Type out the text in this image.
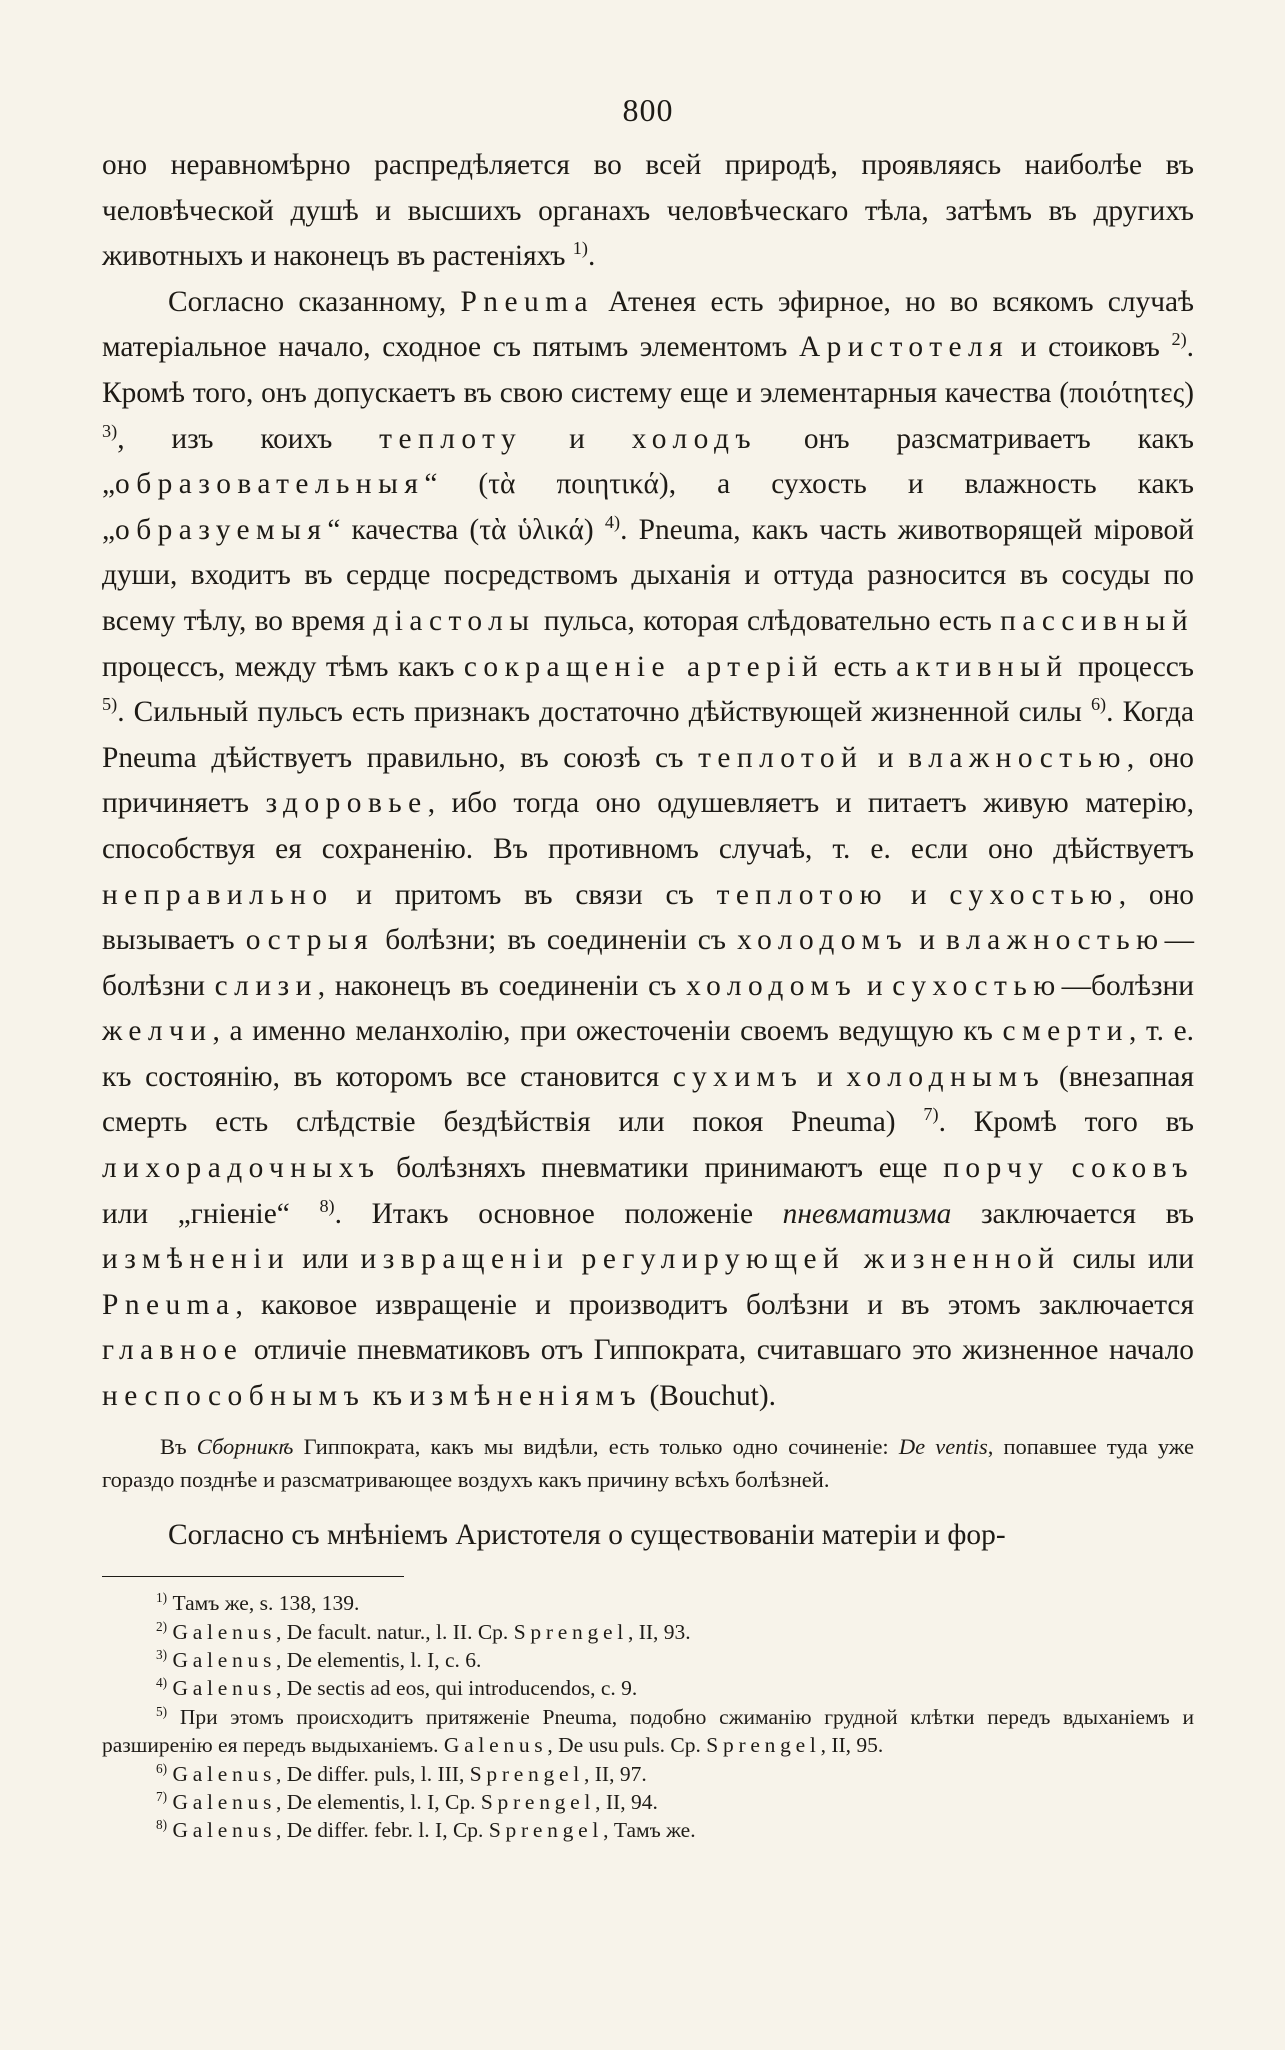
800

оно неравномѣрно распредѣляется во всей природѣ, проявляясь наиболѣе въ человѣческой душѣ и высшихъ органахъ человѣческаго тѣла, затѣмъ въ другихъ животныхъ и наконецъ въ растеніяхъ $^{1)}$.

Согласно сказанному, Pneuma Атенея есть эфирное, но во всякомъ случаѣ матеріальное начало, сходное съ пятымъ элементомъ Аристотеля и стоиковъ $^{2)}$. Кромѣ того, онъ допускаетъ въ свою систему еще и элементарныя качества (ποιότητες) $^{3)}$, изъ коихъ теплоту и холодъ онъ разсматриваетъ какъ „образовательныя“ (τὰ ποιητικά), а сухость и влажность какъ „образуемыя“ качества (τὰ ὑλικά) $^{4)}$. Pneuma, какъ часть животворящей міровой души, входитъ въ сердце посредствомъ дыханія и оттуда разносится въ сосуды по всему тѣлу, во время діастолы пульса, которая слѣдовательно есть пассивный процессъ, между тѣмъ какъ сокращеніе артерій есть активный процессъ $^{5)}$. Сильный пульсъ есть признакъ достаточно дѣйствующей жизненной силы $^{6)}$. Когда Pneuma дѣйствуетъ правильно, въ союзѣ съ теплотой и влажностью, оно причиняетъ здоровье, ибо тогда оно одушевляетъ и питаетъ живую матерію, способствуя ея сохраненію. Въ противномъ случаѣ, т. е. если оно дѣйствуетъ неправильно и притомъ въ связи съ теплотою и сухостью, оно вызываетъ острыя болѣзни; въ соединеніи съ холодомъ и влажностью—болѣзни слизи, наконецъ въ соединеніи съ холодомъ и сухостью—болѣзни желчи, а именно меланхолію, при ожесточеніи своемъ ведущую къ смерти, т. е. къ состоянію, въ которомъ все становится сухимъ и холоднымъ (внезапная смерть есть слѣдствіе бездѣйствія или покоя Pneuma) $^{7)}$. Кромѣ того въ лихорадочныхъ болѣзняхъ пневматики принимаютъ еще порчу соковъ или „гніеніе“ $^{8)}$. Итакъ основное положеніе пневматизма заключается въ измѣненіи или извращеніи регулирующей жизненной силы или Pneuma, каковое извращеніе и производитъ болѣзни и въ этомъ заключается главное отличіе пневматиковъ отъ Гиппократа, считавшаго это жизненное начало неспособнымъ къ измѣненіямъ (Bouchut).

Въ Сборникѣ Гиппократа, какъ мы видѣли, есть только одно сочиненіе: De ventis, попавшее туда уже гораздо позднѣе и разсматривающее воздухъ какъ причину всѣхъ болѣзней.

Согласно съ мнѣніемъ Аристотеля о существованіи матеріи и фор-

$^{1)}$ Тамъ же, s. 138, 139.

$^{2)}$ Galenus, De facult. natur., l. II. Ср. Sprengel, II, 93.

$^{3)}$ Galenus, De elementis, l. I, c. 6.

$^{4)}$ Galenus, De sectis ad eos, qui introducendos, c. 9.

$^{5)}$ При этомъ происходитъ притяженіе Pneuma, подобно сжиманію грудной клѣтки передъ вдыханіемъ и разширенію ея передъ выдыханіемъ. Galenus, De usu puls. Ср. Sprengel, II, 95.

$^{6)}$ Galenus, De differ. puls, l. III, Sprengel, II, 97.

$^{7)}$ Galenus, De elementis, l. I, Ср. Sprengel, II, 94.

$^{8)}$ Galenus, De differ. febr. l. I, Ср. Sprengel, Тамъ же.
